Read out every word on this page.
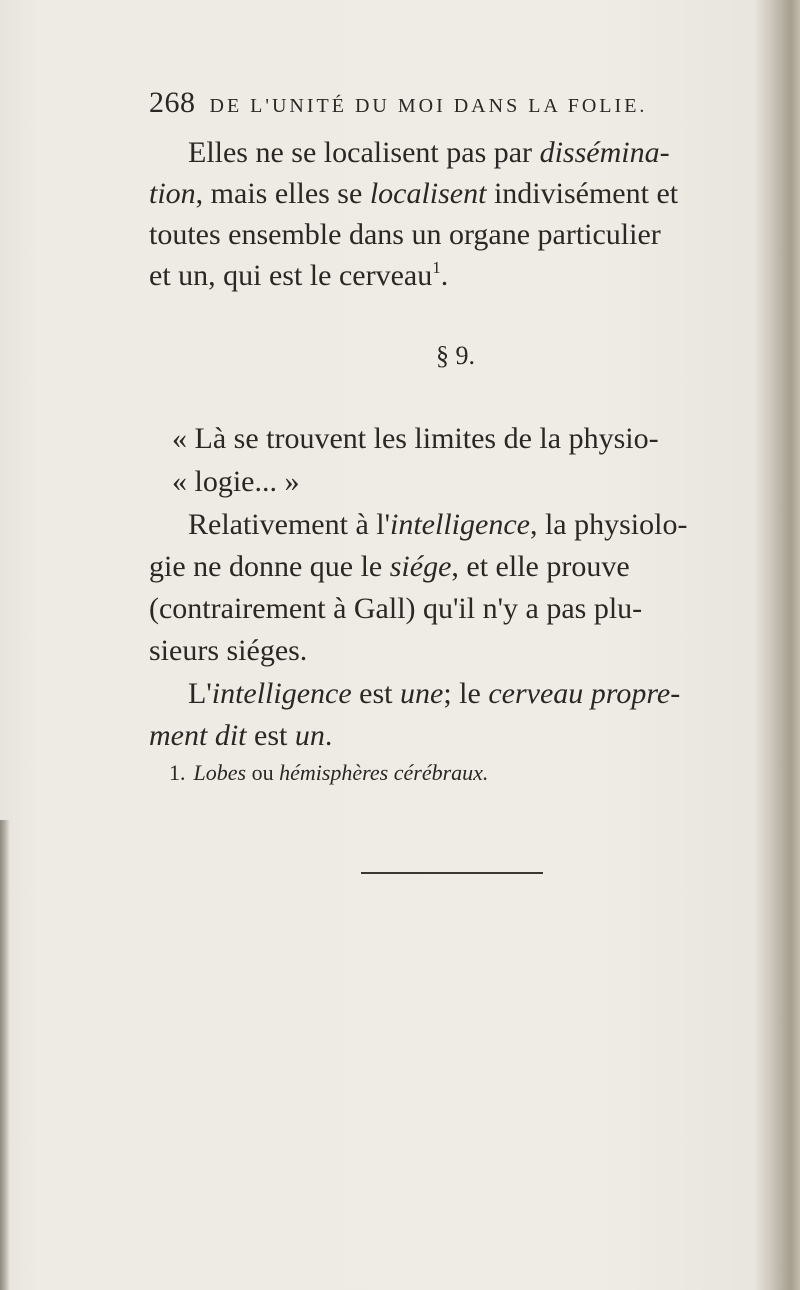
268 DE L'UNITÉ DU MOI DANS LA FOLIE.
Elles ne se localisent pas par dissémina-
tion, mais elles se localisent indivisément et
toutes ensemble dans un organe particulier
et un, qui est le cerveau$^1$.
§ 9.
« Là se trouvent les limites de la physio-
« logie... »
Relativement à l'intelligence, la physiolo-
gie ne donne que le siége, et elle prouve
(contrairement à Gall) qu'il n'y a pas plu-
sieurs siéges.
L'intelligence est une; le cerveau propre-
ment dit est un.
1. Lobes ou hémisphères cérébraux.
